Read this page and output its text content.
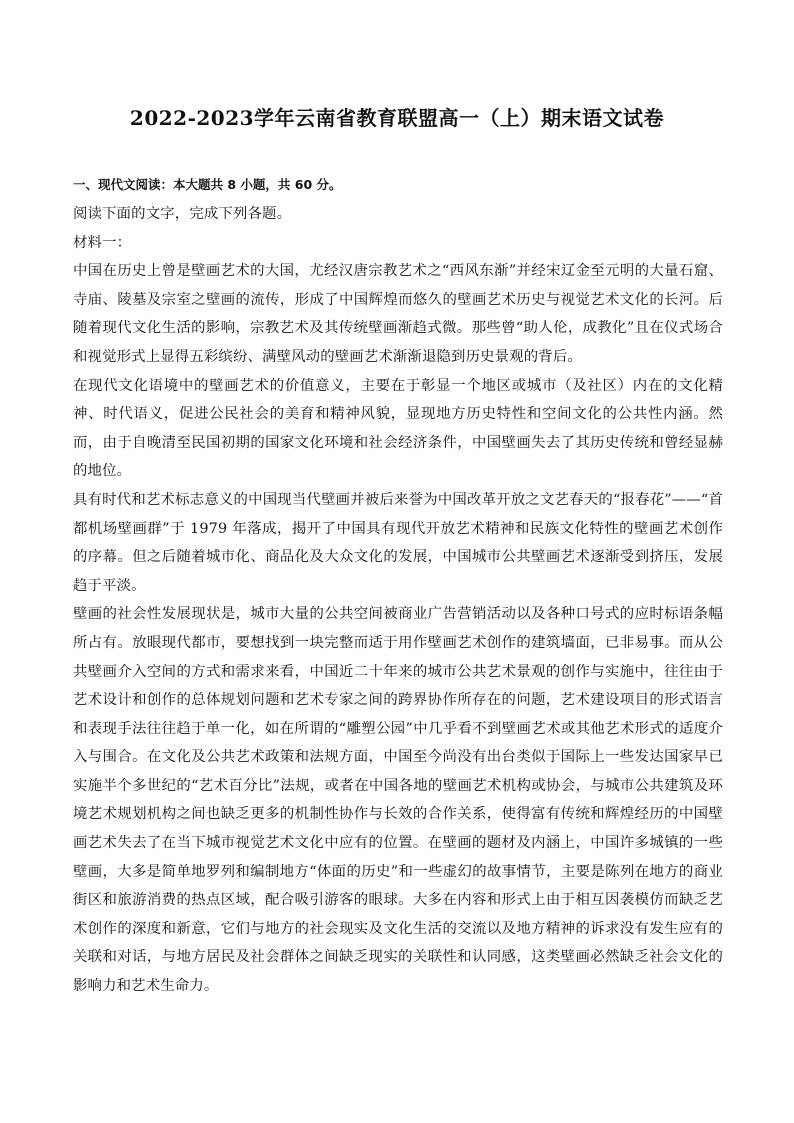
2022-2023学年云南省教育联盟高一（上）期末语文试卷
一、现代文阅读：本大题共 8 小题，共 60 分。

阅读下面的文字，完成下列各题。

材料一：

中国在历史上曾是壁画艺术的大国，尤经汉唐宗教艺术之“西风东渐”并经宋辽金至元明的大量石窟、寺庙、陵墓及宗室之壁画的流传，形成了中国辉煌而悠久的壁画艺术历史与视觉艺术文化的长河。后随着现代文化生活的影响，宗教艺术及其传统壁画渐趋式微。那些曾“助人伦，成教化”且在仪式场合和视觉形式上显得五彩缤纷、满壁风动的壁画艺术渐渐退隐到历史景观的背后。

在现代文化语境中的壁画艺术的价值意义，主要在于彰显一个地区或城市（及社区）内在的文化精神、时代语义，促进公民社会的美育和精神风貌，显现地方历史特性和空间文化的公共性内涵。然而，由于自晚清至民国初期的国家文化环境和社会经济条件，中国壁画失去了其历史传统和曾经显赫的地位。

具有时代和艺术标志意义的中国现当代壁画并被后来誉为中国改革开放之文艺春天的“报春花”——“首都机场壁画群”于 1979 年落成，揭开了中国具有现代开放艺术精神和民族文化特性的壁画艺术创作的序幕。但之后随着城市化、商品化及大众文化的发展，中国城市公共壁画艺术逐渐受到挤压，发展趋于平淡。

壁画的社会性发展现状是，城市大量的公共空间被商业广告营销活动以及各种口号式的应时标语条幅所占有。放眼现代都市，要想找到一块完整而适于用作壁画艺术创作的建筑墙面，已非易事。而从公共壁画介入空间的方式和需求来看，中国近二十年来的城市公共艺术景观的创作与实施中，往往由于艺术设计和创作的总体规划问题和艺术专家之间的跨界协作所存在的问题，艺术建设项目的形式语言和表现手法往往趋于单一化，如在所谓的“雕塑公园”中几乎看不到壁画艺术或其他艺术形式的适度介入与围合。在文化及公共艺术政策和法规方面，中国至今尚没有出台类似于国际上一些发达国家早已实施半个多世纪的“艺术百分比”法规，或者在中国各地的壁画艺术机构或协会，与城市公共建筑及环境艺术规划机构之间也缺乏更多的机制性协作与长效的合作关系，使得富有传统和辉煌经历的中国壁画艺术失去了在当下城市视觉艺术文化中应有的位置。在壁画的题材及内涵上，中国许多城镇的一些壁画，大多是简单地罗列和编制地方“体面的历史”和一些虚幻的故事情节，主要是陈列在地方的商业街区和旅游消费的热点区域，配合吸引游客的眼球。大多在内容和形式上由于相互因袭模仿而缺乏艺术创作的深度和新意，它们与地方的社会现实及文化生活的交流以及地方精神的诉求没有发生应有的关联和对话，与地方居民及社会群体之间缺乏现实的关联性和认同感，这类壁画必然缺乏社会文化的影响力和艺术生命力。
